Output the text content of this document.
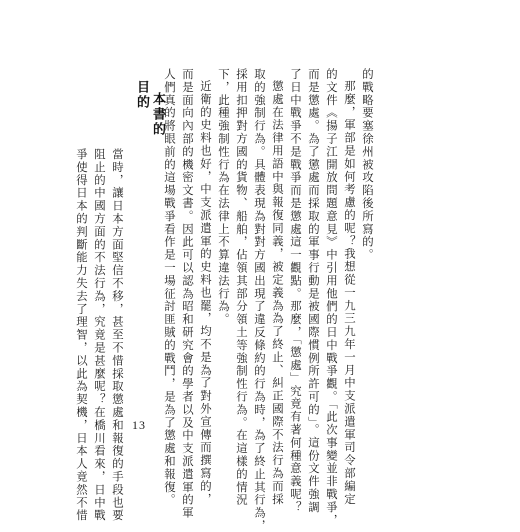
的戰略要塞徐州被攻陷後所寫的。

那麼，軍部是如何考慮的呢？我想從一九三九年一月中支派遣軍司令部編定

的文件《揚子江開放問題意見》中引用他們的日中戰爭觀。「此次事變並非戰爭，

而是懲處。為了懲處而採取的軍事行動是被國際慣例所許可的」。這份文件強調

了日中戰爭不是戰爭而是懲處這一觀點。那麼，「懲處」究竟有著何種意義呢？

懲處在法律用語中與報復同義，被定義為為了終止、糾正國際不法行為而採

取的強制行為。具體表現為對對方國出現了違反條約的行為時，為了終止其行為，

採用扣押對方國的貨物、船舶，佔領其部分領土等強制性行為。在這樣的情況

下，此種強制性行為在法律上不算違法行為。

近衛的史料也好，中支派遣軍的史料也罷，均不是為了對外宣傳而撰寫的，

而是面向內部的機密文書。因此可以認為昭和研究會的學者以及中支派遣軍的軍

人們真的將眼前的這場戰爭看作是一場征討匪賊的戰鬥，是為了懲處和報復。

本書的
目的

當時，讓日本方面堅信不移，甚至不惜採取懲處和報復的手段也要

阻止的中國方面的不法行為，究竟是甚麼呢？在橋川看來，日中戰

爭使得日本的判斷能力失去了理智，以此為契機，日本人竟然不惜	13
